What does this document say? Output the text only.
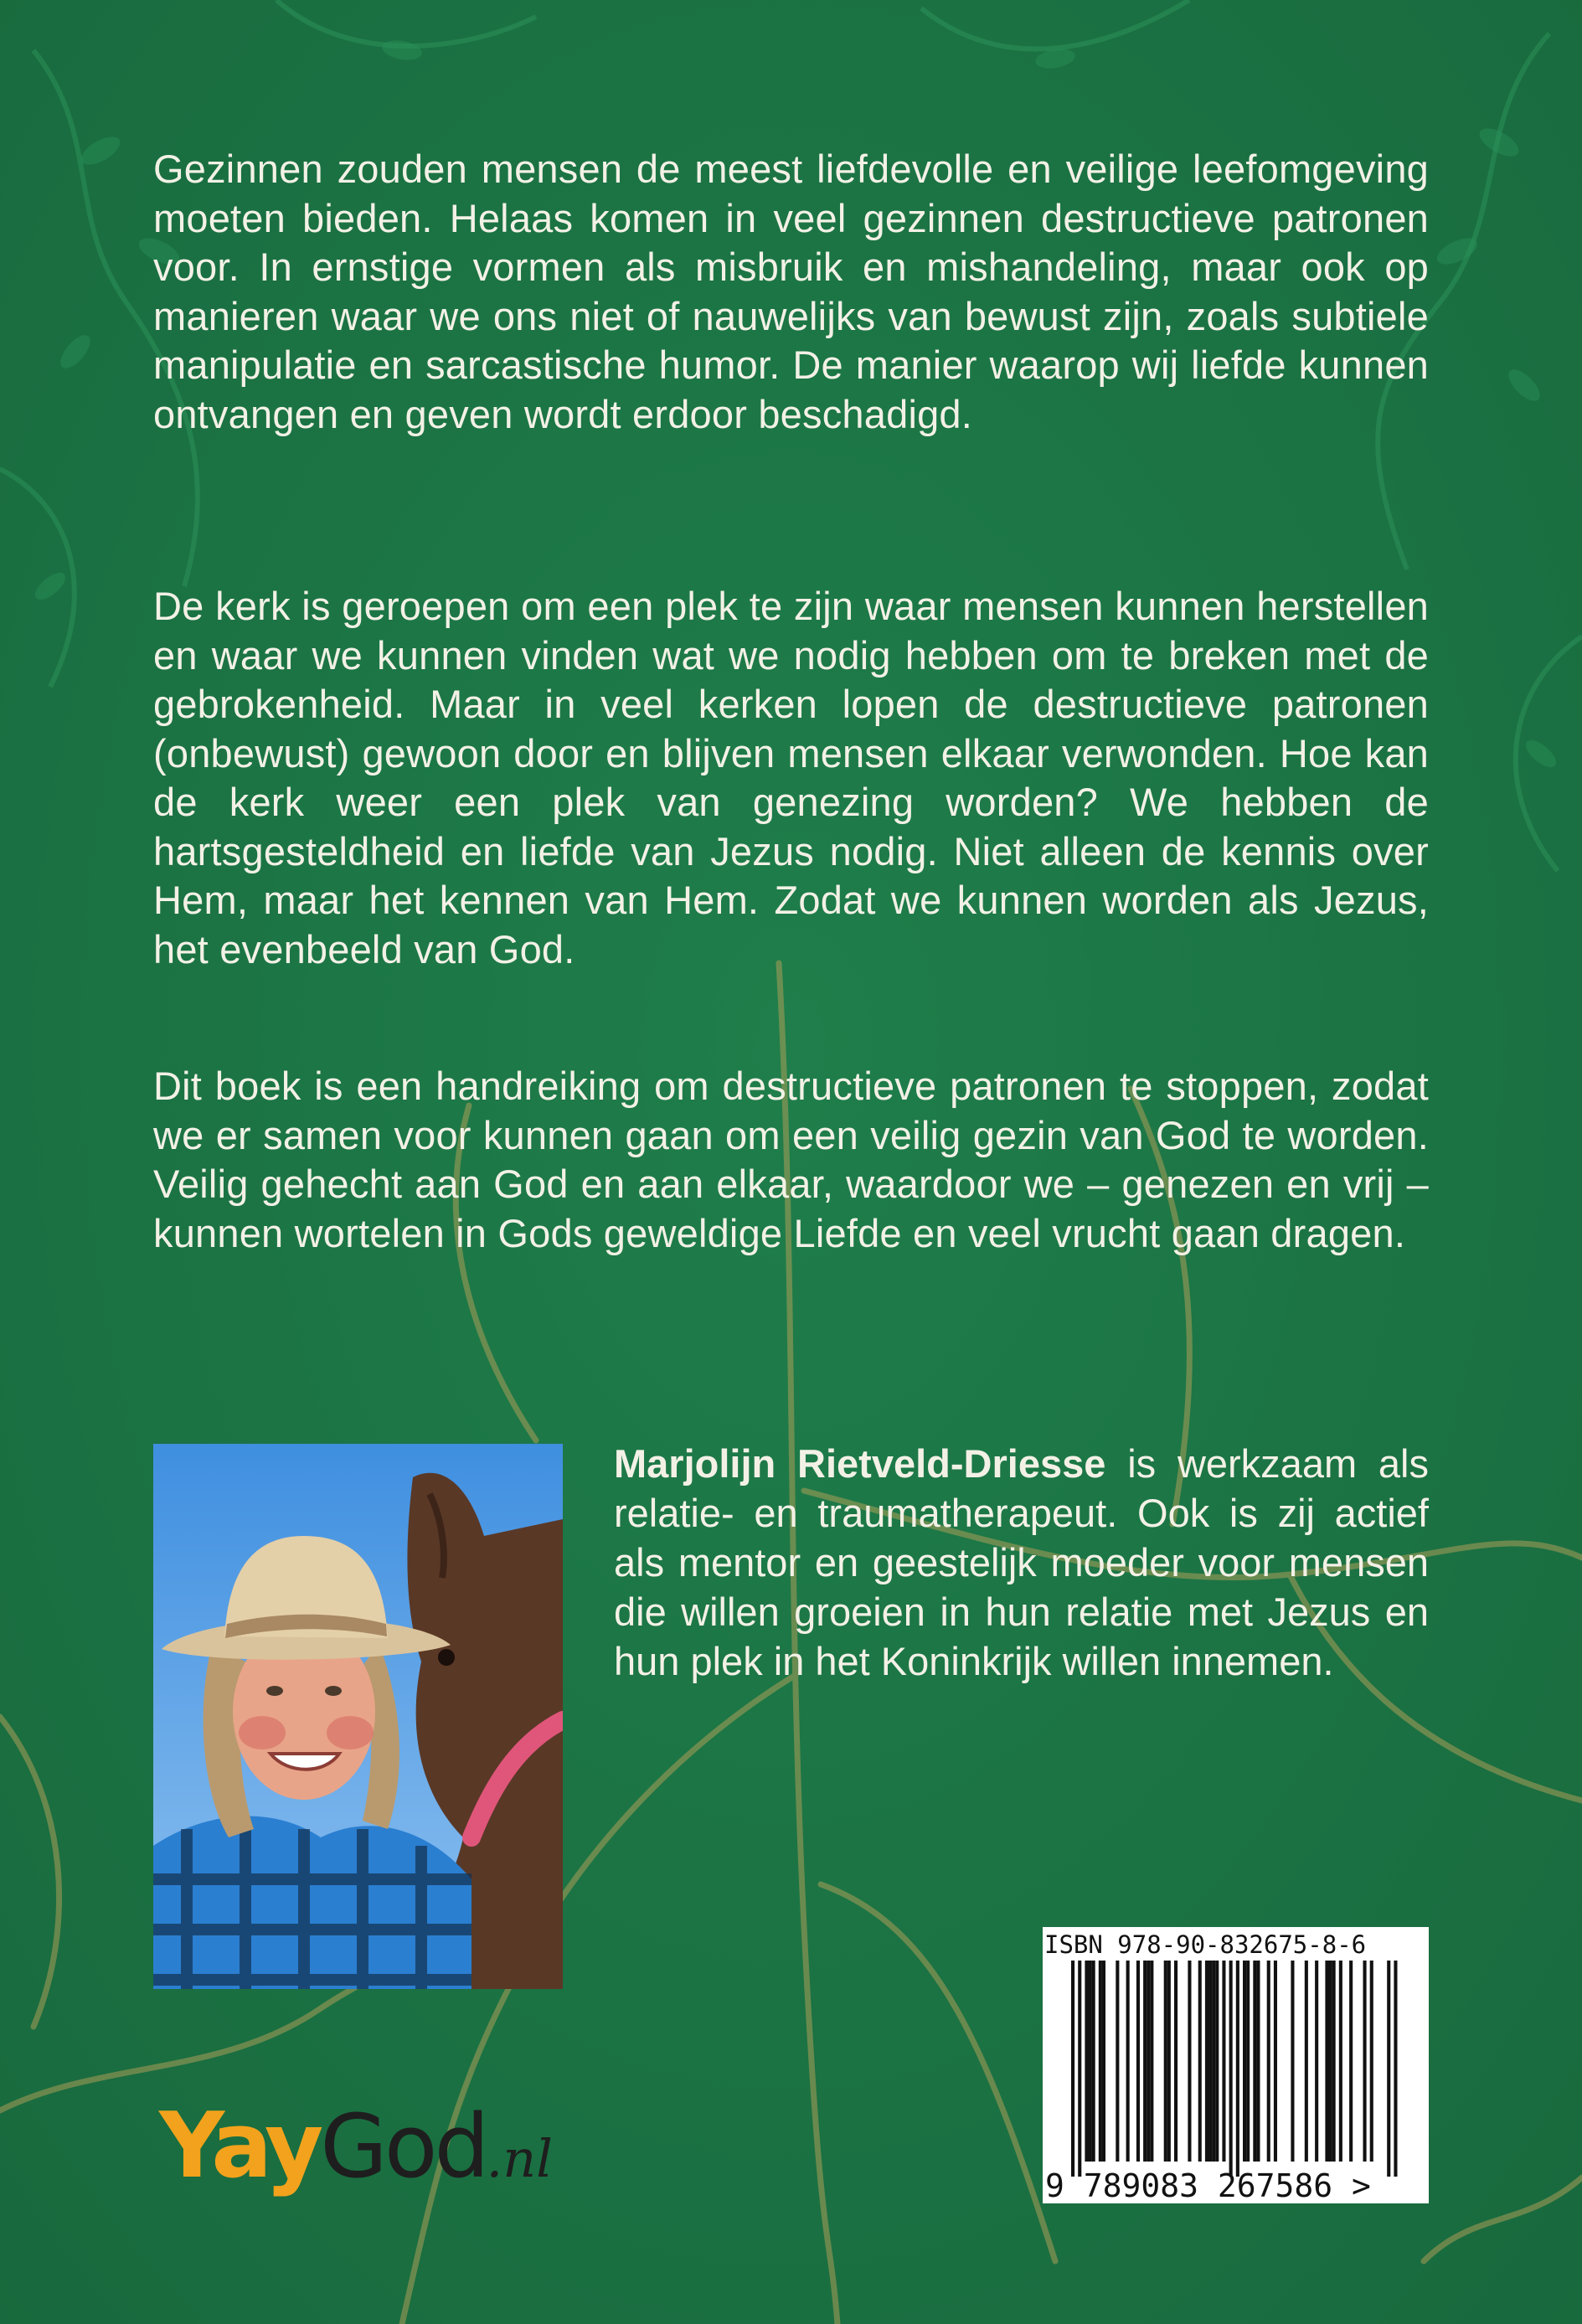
Gezinnen zouden mensen de meest liefdevolle en veilige leefomgeving moeten bieden. Helaas komen in veel gezinnen destructieve patronen voor. In ernstige vormen als misbruik en mishandeling, maar ook op manieren waar we ons niet of nauwelijks van bewust zijn, zoals subtiele manipulatie en sarcastische humor. De manier waarop wij liefde kunnen ontvangen en geven wordt erdoor beschadigd.

De kerk is geroepen om een plek te zijn waar mensen kunnen herstellen en waar we kunnen vinden wat we nodig hebben om te breken met de gebrokenheid. Maar in veel kerken lopen de destructieve patronen (onbewust) gewoon door en blijven mensen elkaar verwonden. Hoe kan de kerk weer een plek van genezing worden? We hebben de hartsgesteldheid en liefde van Jezus nodig. Niet alleen de kennis over Hem, maar het kennen van Hem. Zodat we kunnen worden als Jezus, het evenbeeld van God.

Dit boek is een handreiking om destructieve patronen te stoppen, zodat we er samen voor kunnen gaan om een veilig gezin van God te worden. Veilig gehecht aan God en aan elkaar, waardoor we – genezen en vrij – kunnen wortelen in Gods geweldige Liefde en veel vrucht gaan dragen.

Marjolijn Rietveld-Driesse is werkzaam als relatie- en traumatherapeut. Ook is zij actief als mentor en geestelijk moeder voor mensen die willen groeien in hun relatie met Jezus en hun plek in het Koninkrijk willen innemen.

ISBN 978-90-832675-8-6
9 789083 267586 >
YayGod.nl
